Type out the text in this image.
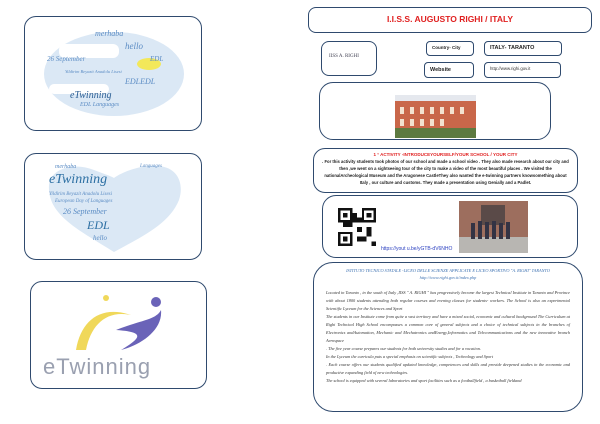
merhaba
hello
26 September	EDL
Yildirim Beyazit Anadolu Lisesi
EDLEDL
eTwinning
EDL Languages
merhaba	Languages
eTwinning
Yildirim Beyazit Anadolu Lisesi
European Day of Languages
26 September
EDL
hello
eTwinning
I.I.S.S. AUGUSTO RIGHI / ITALY
IISS A. RIGHI
Country- City	ITALY- TARANTO
Website	http://www.righi.gov.it
1 ° ACTIVITY -INTRODUCEYOURSELF/YOUR SCHOOL / YOUR CITY
. For this activity students took photos of our school and made a school video . They also made research about our city and then ,we went on a sightseeing tour of the city to make a video of the most beautiful places . We visited the nationalArcheological Museum and the Aragonese CastleThey also wanted the e-twinning partners knowsomething about Italy , our culture and customs. They made a presentation using Genially and a Padlet.
https://yout u.be/yGTB-dV6NHO
ISTITUTO TECNICO STATALE -LICEO DELLE SCIENZE APPLICATE E LICEO SPORTIVO "A. RIGHI" TARANTO
http://www.righi.gov.it/index.php
Located in Taranto , in the south of Italy ,IISS " A. RIGHI " has progressively become the largest Technical Institute in Taranto and Province with about 1800 students attending both regular courses and evening classes for students- workers. The School is also an experimental Scientific Lyceum for the Sciences and Sport
The students in our Institute come from quite a vast territory and have a mixed social, economic and cultural background The Curriculum at Righi Technical High School encompasses a common core of general subjects and a choice of technical subjects in the branches of Electronics andAutomation, Mechanic and Mechatronics andEnergy,Informatics and Telecommunications and the new innovative branch Aerospace
. The five year course prepares our students for both university studies and for a vocation.
In the Lyceum the curricula puts a special emphasis on scientific subjects , Technology and Sport
. Each course offers our students qualified updated knowledge, competences and skills and provide deepened studies in the economic and productive expanding field of new technologies.
The school is equipped with several laboratories and sport facilities such as a footballfield , a basketball fieldand
